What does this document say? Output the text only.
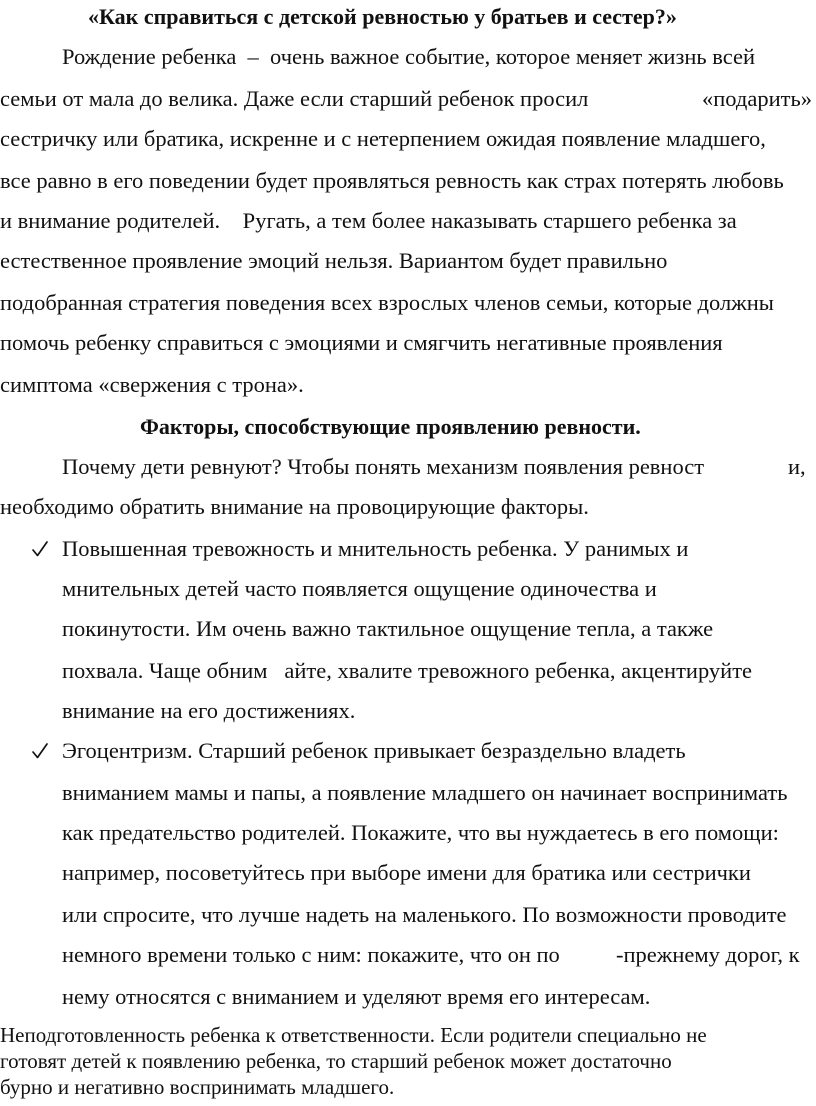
«Как справиться с детской ревностью у братьев и сестер?»
Рождение ребенка  –  очень важное событие, которое меняет жизнь всей
семьи от мала до велика. Даже если старший ребенок просил	«подарить»
сестричку или братика, искренне и с нетерпением ожидая появление младшего,
все равно в его поведении будет проявляться ревность как страх потерять любовь
и внимание родителей.    Ругать, а тем более наказывать старшего ребенка за
естественное проявление эмоций нельзя. Вариантом будет правильно
подобранная стратегия поведения всех взрослых членов семьи, которые должны
помочь ребенку справиться с эмоциями и смягчить негативные проявления
симптома «свержения с трона».
Факторы, способствующие проявлению ревности.
Почему дети ревнуют? Чтобы понять механизм появления ревност	и,
необходимо обратить внимание на провоцирующие факторы.
Повышенная тревожность и мнительность ребенка. У ранимых и
мнительных детей часто появляется ощущение одиночества и
покинутости. Им очень важно тактильное ощущение тепла, а также
похвала. Чаще обним   айте, хвалите тревожного ребенка, акцентируйте
внимание на его достижениях.
Эгоцентризм. Старший ребенок привыкает безраздельно владеть
вниманием мамы и папы, а появление младшего он начинает воспринимать
как предательство родителей. Покажите, что вы нуждаетесь в его помощи:
например, посоветуйтесь при выборе имени для братика или сестрички
или спросите, что лучше надеть на маленького. По возможности проводите
немного времени только с ним: покажите, что он по -прежнему дорог, к
нему относятся с вниманием и уделяют время его интересам.
Неподготовленность ребенка к ответственности. Если родители специально не
готовят детей к появлению ребенка, то старший ребенок может достаточно
бурно и негативно воспринимать младшего.
